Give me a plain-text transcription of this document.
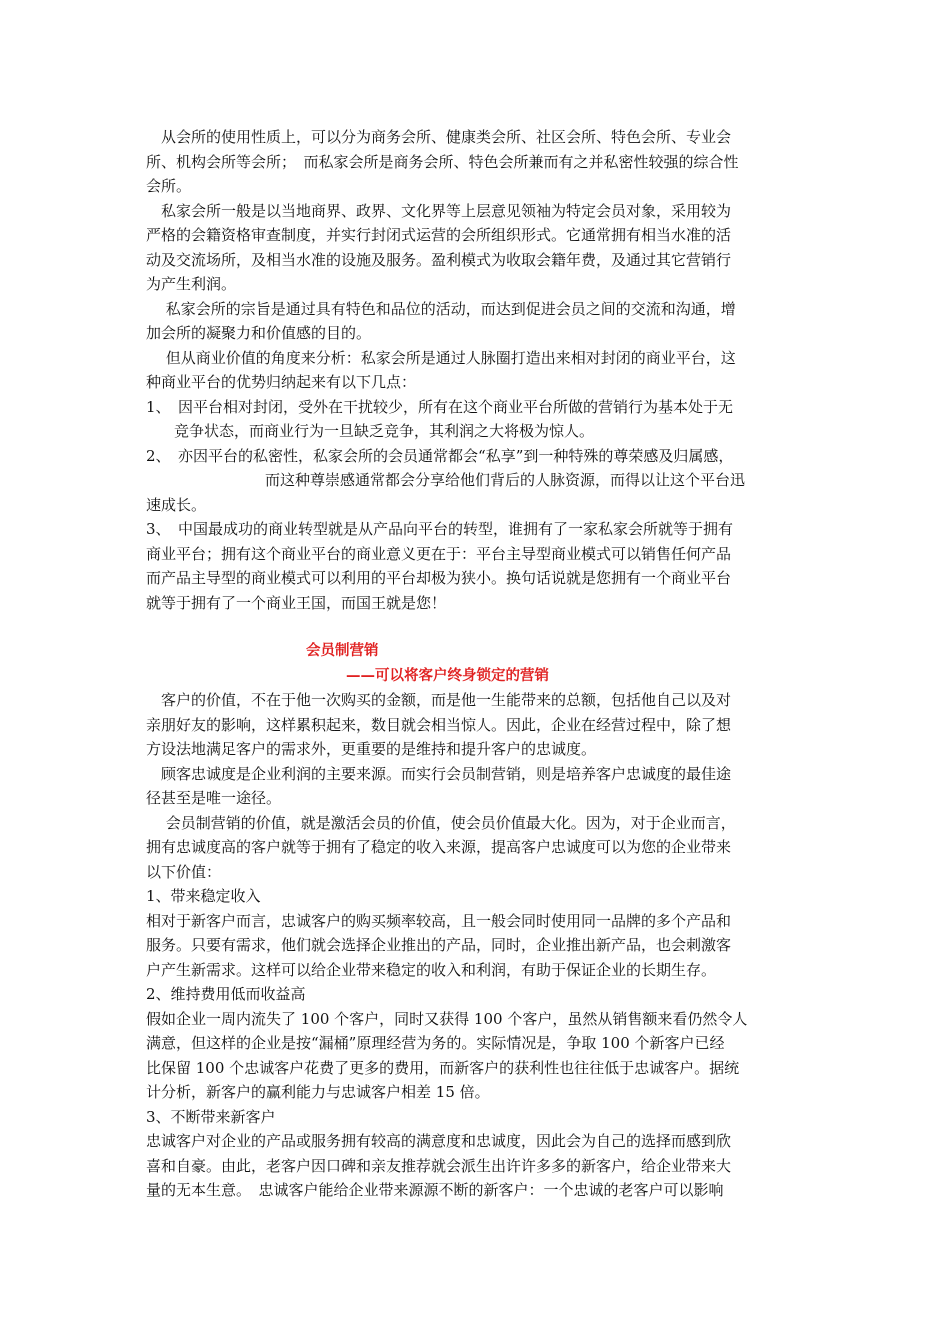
　从会所的使用性质上，可以分为商务会所、健康类会所、社区会所、特色会所、专业会
所、机构会所等会所；　而私家会所是商务会所、特色会所兼而有之并私密性较强的综合性
会所。
　私家会所一般是以当地商界、政界、文化界等上层意见领袖为特定会员对象，采用较为
严格的会籍资格审查制度，并实行封闭式运营的会所组织形式。它通常拥有相当水准的活
动及交流场所，及相当水准的设施及服务。盈利模式为收取会籍年费，及通过其它营销行
为产生利润。
　 私家会所的宗旨是通过具有特色和品位的活动，而达到促进会员之间的交流和沟通，增
加会所的凝聚力和价值感的目的。
　 但从商业价值的角度来分析：私家会所是通过人脉圈打造出来相对封闭的商业平台，这
种商业平台的优势归纳起来有以下几点：
1、　因平台相对封闭，受外在干扰较少，所有在这个商业平台所做的营销行为基本处于无
竞争状态，而商业行为一旦缺乏竞争，其利润之大将极为惊人。
2、　亦因平台的私密性，私家会所的会员通常都会“私享”到一种特殊的尊荣感及归属感，
而这种尊崇感通常都会分享给他们背后的人脉资源，而得以让这个平台迅
速成长。
3、　中国最成功的商业转型就是从产品向平台的转型，谁拥有了一家私家会所就等于拥有
商业平台；拥有这个商业平台的商业意义更在于：平台主导型商业模式可以销售任何产品
而产品主导型的商业模式可以利用的平台却极为狭小。换句话说就是您拥有一个商业平台
就等于拥有了一个商业王国，而国王就是您！
会员制营销
——可以将客户终身锁定的营销
　客户的价值，不在于他一次购买的金额，而是他一生能带来的总额，包括他自己以及对
亲朋好友的影响，这样累积起来，数目就会相当惊人。因此，企业在经营过程中，除了想
方设法地满足客户的需求外，更重要的是维持和提升客户的忠诚度。
　顾客忠诚度是企业利润的主要来源。而实行会员制营销，则是培养客户忠诚度的最佳途
径甚至是唯一途径。
　 会员制营销的价值，就是激活会员的价值，使会员价值最大化。因为，对于企业而言，
拥有忠诚度高的客户就等于拥有了稳定的收入来源，提高客户忠诚度可以为您的企业带来
以下价值：
1、带来稳定收入
相对于新客户而言，忠诚客户的购买频率较高，且一般会同时使用同一品牌的多个产品和
服务。只要有需求，他们就会选择企业推出的产品，同时，企业推出新产品，也会刺激客
户产生新需求。这样可以给企业带来稳定的收入和利润，有助于保证企业的长期生存。
2、维持费用低而收益高
假如企业一周内流失了 100 个客户，同时又获得 100 个客户，虽然从销售额来看仍然令人
满意，但这样的企业是按“漏桶”原理经营为务的。实际情况是，争取 100 个新客户已经
比保留 100 个忠诚客户花费了更多的费用，而新客户的获利性也往往低于忠诚客户。据统
计分析，新客户的赢利能力与忠诚客户相差 15 倍。
3、不断带来新客户
忠诚客户对企业的产品或服务拥有较高的满意度和忠诚度，因此会为自己的选择而感到欣
喜和自豪。由此，老客户因口碑和亲友推荐就会派生出许许多多的新客户，给企业带来大
量的无本生意。　忠诚客户能给企业带来源源不断的新客户：一个忠诚的老客户可以影响
